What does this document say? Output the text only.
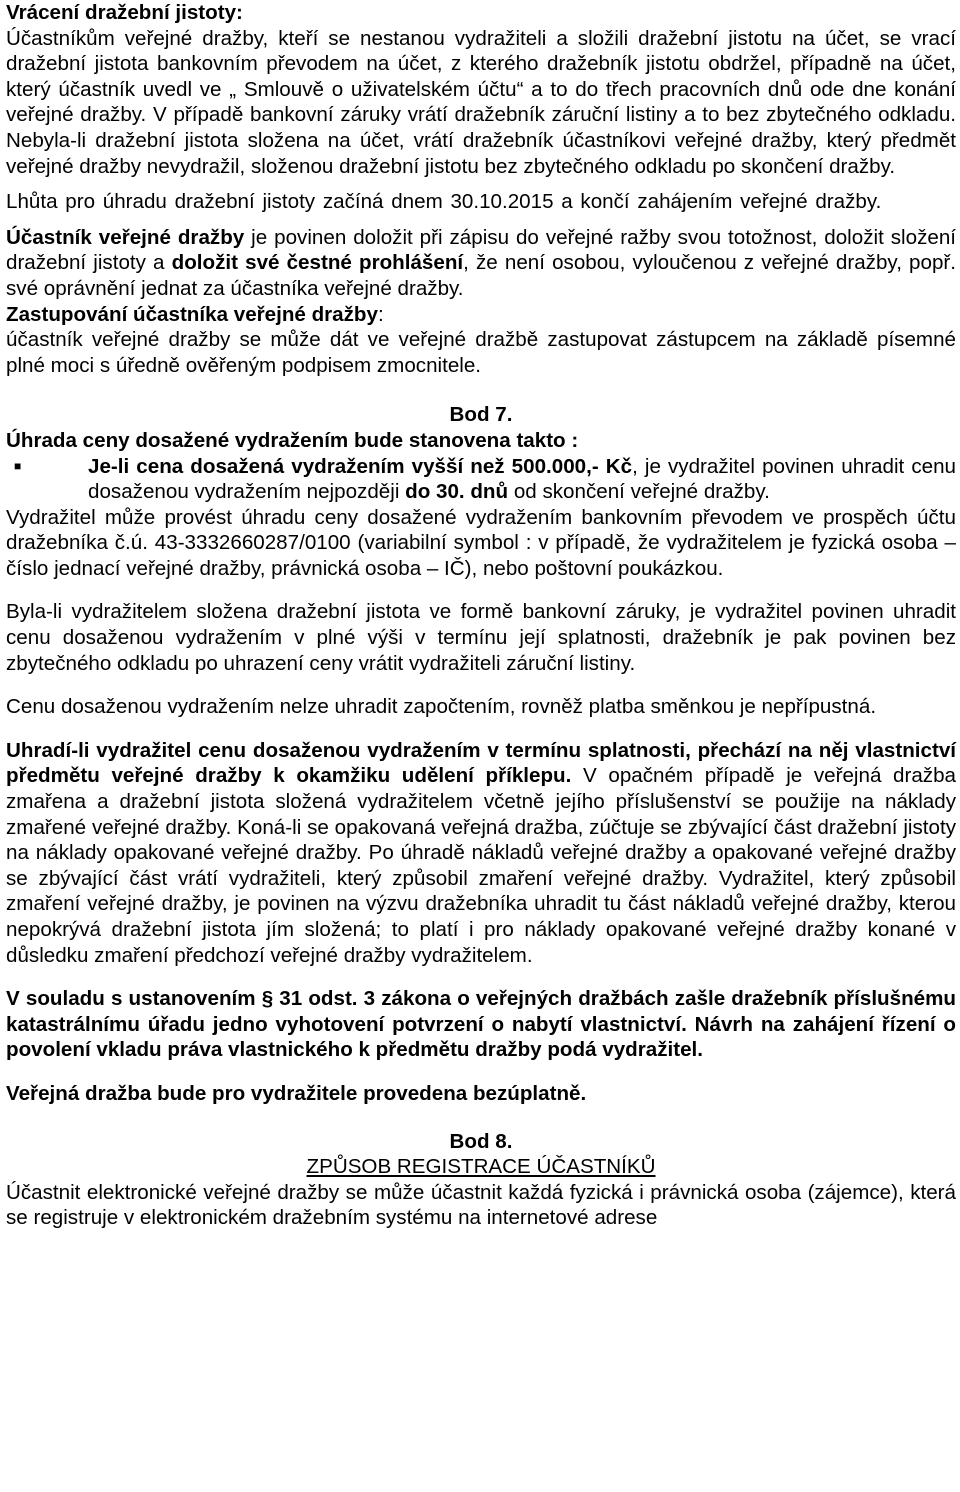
Vrácení dražební jistoty:

Účastníkům veřejné dražby, kteří se nestanou vydražiteli a složili dražební jistotu na účet, se vrací dražební jistota bankovním převodem na účet, z kterého dražebník jistotu obdržel, případně na účet, který účastník uvedl ve „ Smlouvě o uživatelském účtu“ a to do třech pracovních dnů ode dne konání veřejné dražby. V případě bankovní záruky vrátí dražebník záruční listiny a to bez zbytečného odkladu. Nebyla-li dražební jistota složena na účet, vrátí dražebník účastníkovi veřejné dražby, který předmět veřejné dražby nevydražil, složenou dražební jistotu bez zbytečného odkladu po skončení dražby.

Lhůta pro úhradu dražební jistoty začíná dnem 30.10.2015 a končí zahájením veřejné dražby.

Účastník veřejné dražby je povinen doložit při zápisu do veřejné ražby svou totožnost, doložit složení dražební jistoty a doložit své čestné prohlášení, že není osobou, vyloučenou z veřejné dražby, popř. své oprávnění jednat za účastníka veřejné dražby.

Zastupování účastníka veřejné dražby:

účastník veřejné dražby se může dát ve veřejné dražbě zastupovat zástupcem na základě písemné plné moci s úředně ověřeným podpisem zmocnitele.

Bod 7.

Úhrada ceny dosažené vydražením bude stanovena takto :

■	Je-li cena dosažená vydražením vyšší než 500.000,- Kč, je vydražitel povinen uhradit cenu dosaženou vydražením nejpozději do 30. dnů od skončení veřejné dražby.

Vydražitel může provést úhradu ceny dosažené vydražením bankovním převodem ve prospěch účtu dražebníka č.ú. 43-3332660287/0100 (variabilní symbol : v případě, že vydražitelem je fyzická osoba – číslo jednací veřejné dražby, právnická osoba – IČ), nebo poštovní poukázkou.

Byla-li vydražitelem složena dražební jistota ve formě bankovní záruky, je vydražitel povinen uhradit cenu dosaženou vydražením v plné výši v termínu její splatnosti, dražebník je pak povinen bez zbytečného odkladu po uhrazení ceny vrátit vydražiteli záruční listiny.

Cenu dosaženou vydražením nelze uhradit započtením, rovněž platba směnkou je nepřípustná.

Uhradí-li vydražitel cenu dosaženou vydražením v termínu splatnosti, přechází na něj vlastnictví předmětu veřejné dražby k okamžiku udělení příklepu. V opačném případě je veřejná dražba zmařena a dražební jistota složená vydražitelem včetně jejího příslušenství se použije na náklady zmařené veřejné dražby. Koná-li se opakovaná veřejná dražba, zúčtuje se zbývající část dražební jistoty na náklady opakované veřejné dražby. Po úhradě nákladů veřejné dražby a opakované veřejné dražby se zbývající část vrátí vydražiteli, který způsobil zmaření veřejné dražby. Vydražitel, který způsobil zmaření veřejné dražby, je povinen na výzvu dražebníka uhradit tu část nákladů veřejné dražby, kterou nepokrývá dražební jistota jím složená; to platí i pro náklady opakované veřejné dražby konané v důsledku zmaření předchozí veřejné dražby vydražitelem.

V souladu s ustanovením § 31 odst. 3 zákona o veřejných dražbách zašle dražebník příslušnému katastrálnímu úřadu jedno vyhotovení potvrzení o nabytí vlastnictví. Návrh na zahájení řízení o povolení vkladu práva vlastnického k předmětu dražby podá vydražitel.

Veřejná dražba bude pro vydražitele provedena bezúplatně.

Bod 8.

ZPŮSOB REGISTRACE ÚČASTNÍKŮ

Účastnit elektronické veřejné dražby se může účastnit každá fyzická i právnická osoba (zájemce), která se registruje v elektronickém dražebním systému na internetové adrese
